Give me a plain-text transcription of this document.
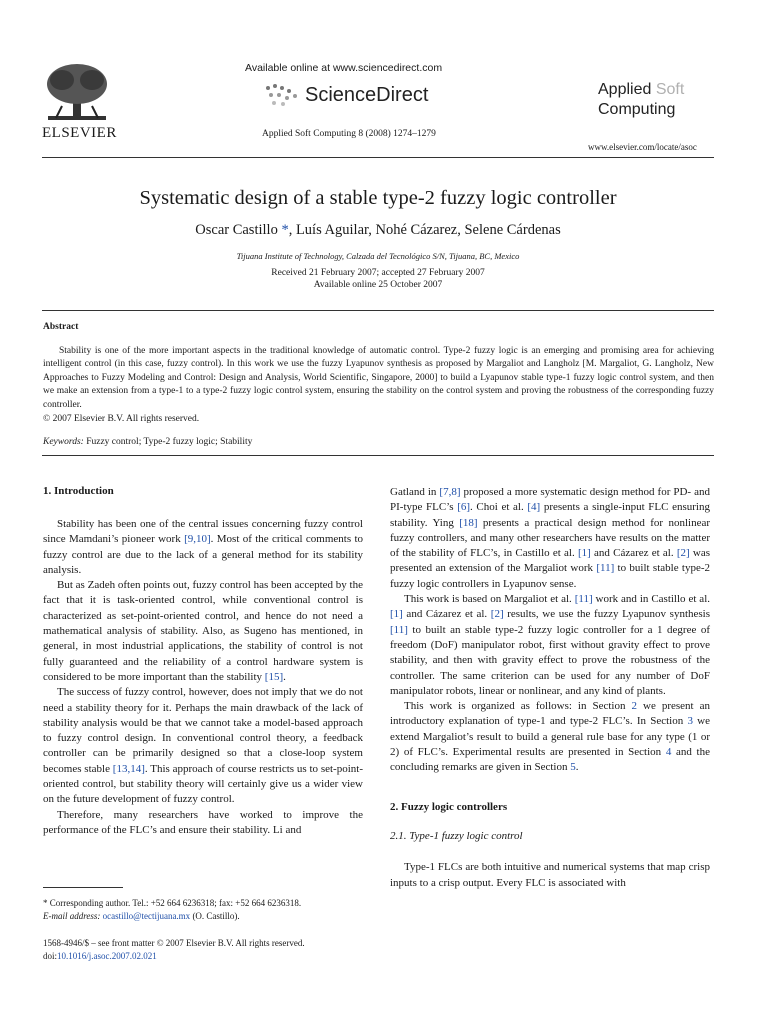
ELSEVIER
Available online at www.sciencedirect.com
ScienceDirect
Applied Soft Computing 8 (2008) 1274–1279
Applied Soft
Computing
www.elsevier.com/locate/asoc
Systematic design of a stable type-2 fuzzy logic controller
Oscar Castillo *, Luís Aguilar, Nohé Cázarez, Selene Cárdenas
Tijuana Institute of Technology, Calzada del Tecnológico S/N, Tijuana, BC, Mexico
Received 21 February 2007; accepted 27 February 2007
Available online 25 October 2007
Abstract
Stability is one of the more important aspects in the traditional knowledge of automatic control. Type-2 fuzzy logic is an emerging and promising area for achieving intelligent control (in this case, fuzzy control). In this work we use the fuzzy Lyapunov synthesis as proposed by Margaliot and Langholz [M. Margaliot, G. Langholz, New Approaches to Fuzzy Modeling and Control: Design and Analysis, World Scientific, Singapore, 2000] to build a Lyapunov stable type-1 fuzzy logic control system, and then we make an extension from a type-1 to a type-2 fuzzy logic control system, ensuring the stability on the control system and proving the robustness of the corresponding fuzzy controller.
© 2007 Elsevier B.V. All rights reserved.
Keywords: Fuzzy control; Type-2 fuzzy logic; Stability
1. Introduction

Stability has been one of the central issues concerning fuzzy control since Mamdani’s pioneer work [9,10]. Most of the critical comments to fuzzy control are due to the lack of a general method for its stability analysis.

But as Zadeh often points out, fuzzy control has been accepted by the fact that it is task-oriented control, while conventional control is characterized as set-point-oriented control, and hence do not need a mathematical analysis of stability. Also, as Sugeno has mentioned, in general, in most industrial applications, the stability of control is not fully guaranteed and the reliability of a control hardware system is considered to be more important than the stability [15].

The success of fuzzy control, however, does not imply that we do not need a stability theory for it. Perhaps the main drawback of the lack of stability analysis would be that we cannot take a model-based approach to fuzzy control design. In conventional control theory, a feedback controller can be primarily designed so that a close-loop system becomes stable [13,14]. This approach of course restricts us to set-point-oriented control, but stability theory will certainly give us a wider view on the future development of fuzzy control.

Therefore, many researchers have worked to improve the performance of the FLC’s and ensure their stability. Li and

* Corresponding author. Tel.: +52 664 6236318; fax: +52 664 6236318.
E-mail address: ocastillo@tectijuana.mx (O. Castillo).
1568-4946/$ – see front matter © 2007 Elsevier B.V. All rights reserved.
doi:10.1016/j.asoc.2007.02.021

Gatland in [7,8] proposed a more systematic design method for PD- and PI-type FLC’s [6]. Choi et al. [4] presents a single-input FLC ensuring stability. Ying [18] presents a practical design method for nonlinear fuzzy controllers, and many other researchers have results on the matter of the stability of FLC’s, in Castillo et al. [1] and Cázarez et al. [2] was presented an extension of the Margaliot work [11] to built stable type-2 fuzzy logic controllers in Lyapunov sense.

This work is based on Margaliot et al. [11] work and in Castillo et al. [1] and Cázarez et al. [2] results, we use the fuzzy Lyapunov synthesis [11] to built an stable type-2 fuzzy logic controller for a 1 degree of freedom (DoF) manipulator robot, first without gravity effect to prove stability, and then with gravity effect to prove the robustness of the controller. The same criterion can be used for any number of DoF manipulator robots, linear or nonlinear, and any kind of plants.

This work is organized as follows: in Section 2 we present an introductory explanation of type-1 and type-2 FLC’s. In Section 3 we extend Margaliot’s result to build a general rule base for any type (1 or 2) of FLC’s. Experimental results are presented in Section 4 and the concluding remarks are given in Section 5.

2. Fuzzy logic controllers
2.1. Type-1 fuzzy logic control

Type-1 FLCs are both intuitive and numerical systems that map crisp inputs to a crisp output. Every FLC is associated with
